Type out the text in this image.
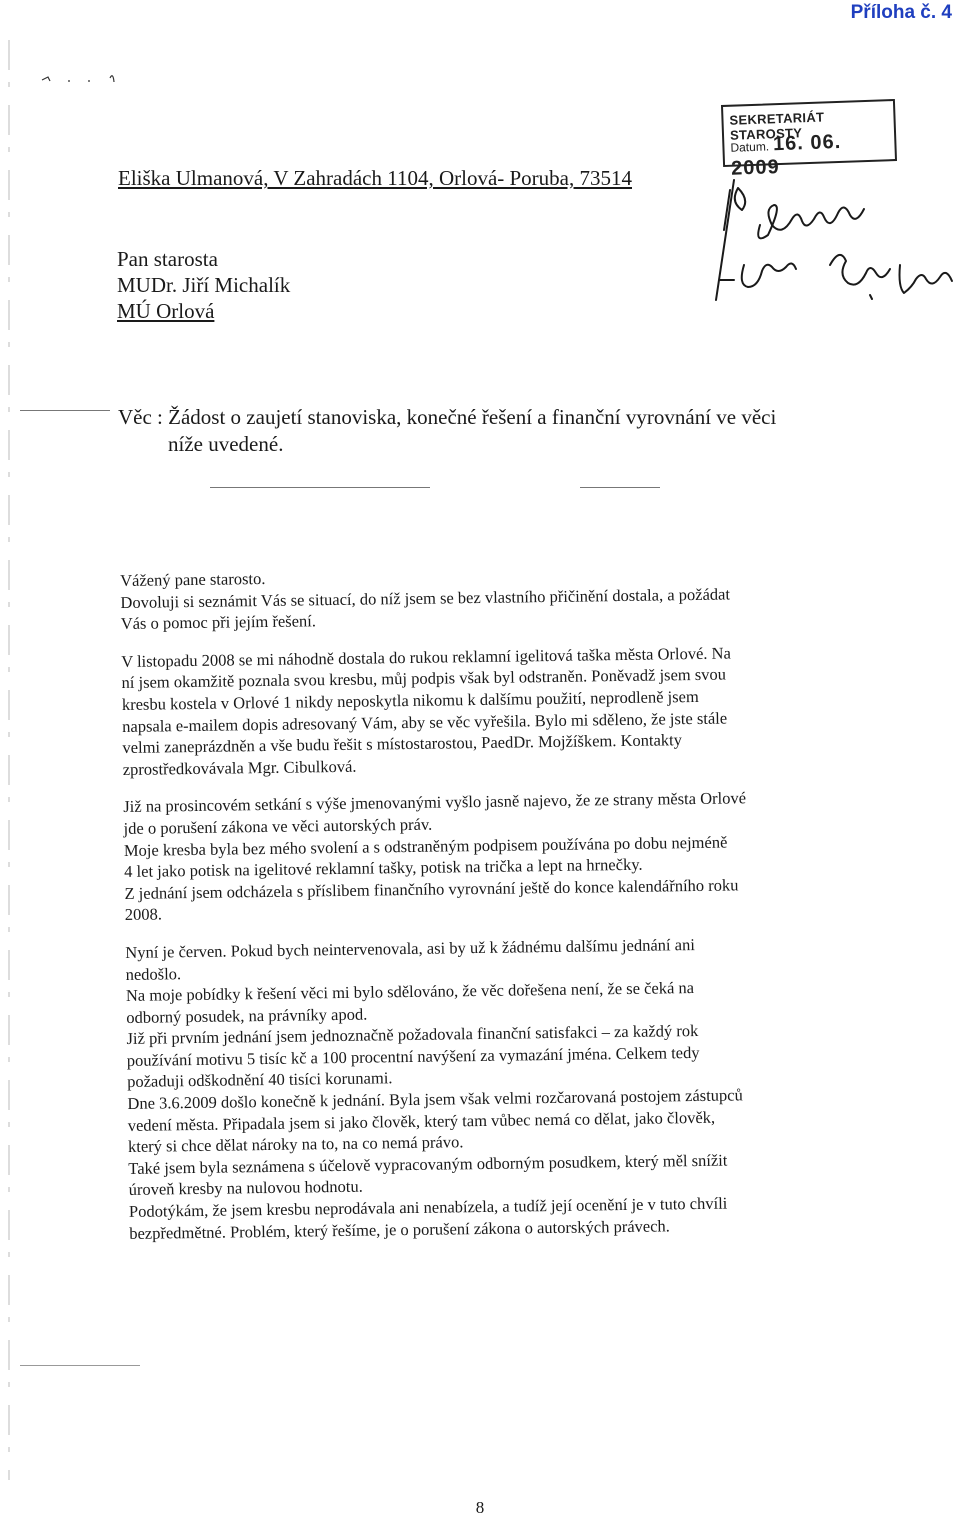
Příloha č. 4
SEKRETARIÁT STAROSTY
Datum. 16. 06. 2009
Eliška Ulmanová, V Zahradách 1104, Orlová- Poruba, 73514
Pan starosta
MUDr. Jiří Michalík
MÚ Orlová
Věc : Žádost o zaujetí stanoviska, konečné řešení a finanční vyrovnání ve věci
níže uvedené.

Vážený pane starosto.

Dovoluji si seznámit Vás se situací, do níž jsem se bez vlastního přičinění dostala, a požádat
Vás o pomoc při jejím řešení.
V listopadu 2008 se mi náhodně dostala do rukou reklamní igelitová taška města Orlové. Na
ní jsem okamžitě poznala svou kresbu, můj podpis však byl odstraněn. Poněvadž jsem svou
kresbu kostela v Orlové 1 nikdy neposkytla nikomu k dalšímu použití, neprodleně jsem
napsala e-mailem dopis adresovaný Vám, aby se věc vyřešila. Bylo mi sděleno, že jste stále
velmi zaneprázdněn a vše budu řešit s místostarostou, PaedDr. Mojžíškem. Kontakty
zprostředkovávala Mgr. Cibulková.
Již na prosincovém setkání s výše jmenovanými vyšlo jasně najevo, že ze strany města Orlové
jde o porušení zákona ve věci autorských práv.
Moje kresba byla bez mého svolení a s odstraněným podpisem používána po dobu nejméně
4 let jako potisk na igelitové reklamní tašky, potisk na trička a lept na hrnečky.
Z jednání jsem odcházela s příslibem finančního vyrovnání ještě do konce kalendářního roku
2008.
Nyní je červen. Pokud bych neintervenovala, asi by už k žádnému dalšímu jednání ani
nedošlo.
Na moje pobídky k řešení věci mi bylo sdělováno, že věc dořešena není, že se čeká na
odborný posudek, na právníky apod.
Již při prvním jednání jsem jednoznačně požadovala finanční satisfakci – za každý rok
používání motivu 5 tisíc kč a 100 procentní navýšení za vymazání jména. Celkem tedy
požaduji odškodnění 40 tisíci korunami.
Dne 3.6.2009 došlo konečně k jednání. Byla jsem však velmi rozčarovaná postojem zástupců
vedení města. Připadala jsem si jako člověk, který tam vůbec nemá co dělat, jako člověk,
který si chce dělat nároky na to, na co nemá právo.
Také jsem byla seznámena s účelově vypracovaným odborným posudkem, který měl snížit
úroveň kresby na nulovou hodnotu.
Podotýkám, že jsem kresbu neprodávala ani nenabízela, a tudíž její ocenění je v tuto chvíli
bezpředmětné. Problém, který řešíme, je o porušení zákona o autorských právech.
8
